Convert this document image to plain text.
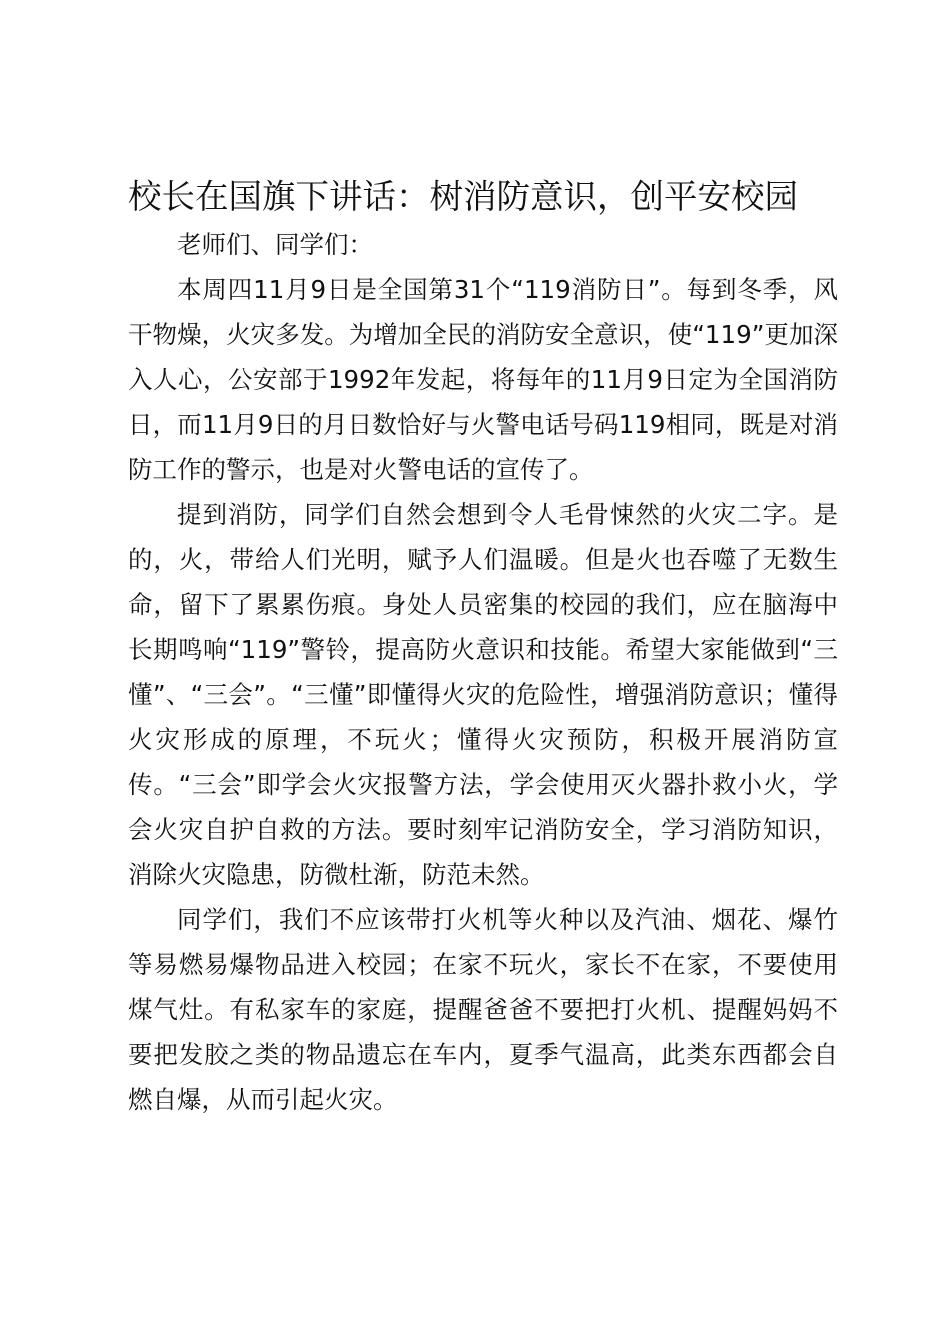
校长在国旗下讲话：树消防意识，创平安校园

老师们、同学们：

本周四11月9日是全国第31个“119消防日”。每到冬季，风干物燥，火灾多发。为增加全民的消防安全意识，使“119”更加深入人心，公安部于1992年发起，将每年的11月9日定为全国消防日，而11月9日的月日数恰好与火警电话号码119相同，既是对消防工作的警示，也是对火警电话的宣传了。

提到消防，同学们自然会想到令人毛骨悚然的火灾二字。是的，火，带给人们光明，赋予人们温暖。但是火也吞噬了无数生命，留下了累累伤痕。身处人员密集的校园的我们，应在脑海中长期鸣响“119”警铃，提高防火意识和技能。希望大家能做到“三懂”、“三会”。“三懂”即懂得火灾的危险性，增强消防意识；懂得火灾形成的原理，不玩火；懂得火灾预防，积极开展消防宣传。“三会”即学会火灾报警方法，学会使用灭火器扑救小火，学会火灾自护自救的方法。要时刻牢记消防安全，学习消防知识，消除火灾隐患，防微杜渐，防范未然。

同学们，我们不应该带打火机等火种以及汽油、烟花、爆竹等易燃易爆物品进入校园；在家不玩火，家长不在家，不要使用煤气灶。有私家车的家庭，提醒爸爸不要把打火机、提醒妈妈不要把发胶之类的物品遗忘在车内，夏季气温高，此类东西都会自燃自爆，从而引起火灾。
